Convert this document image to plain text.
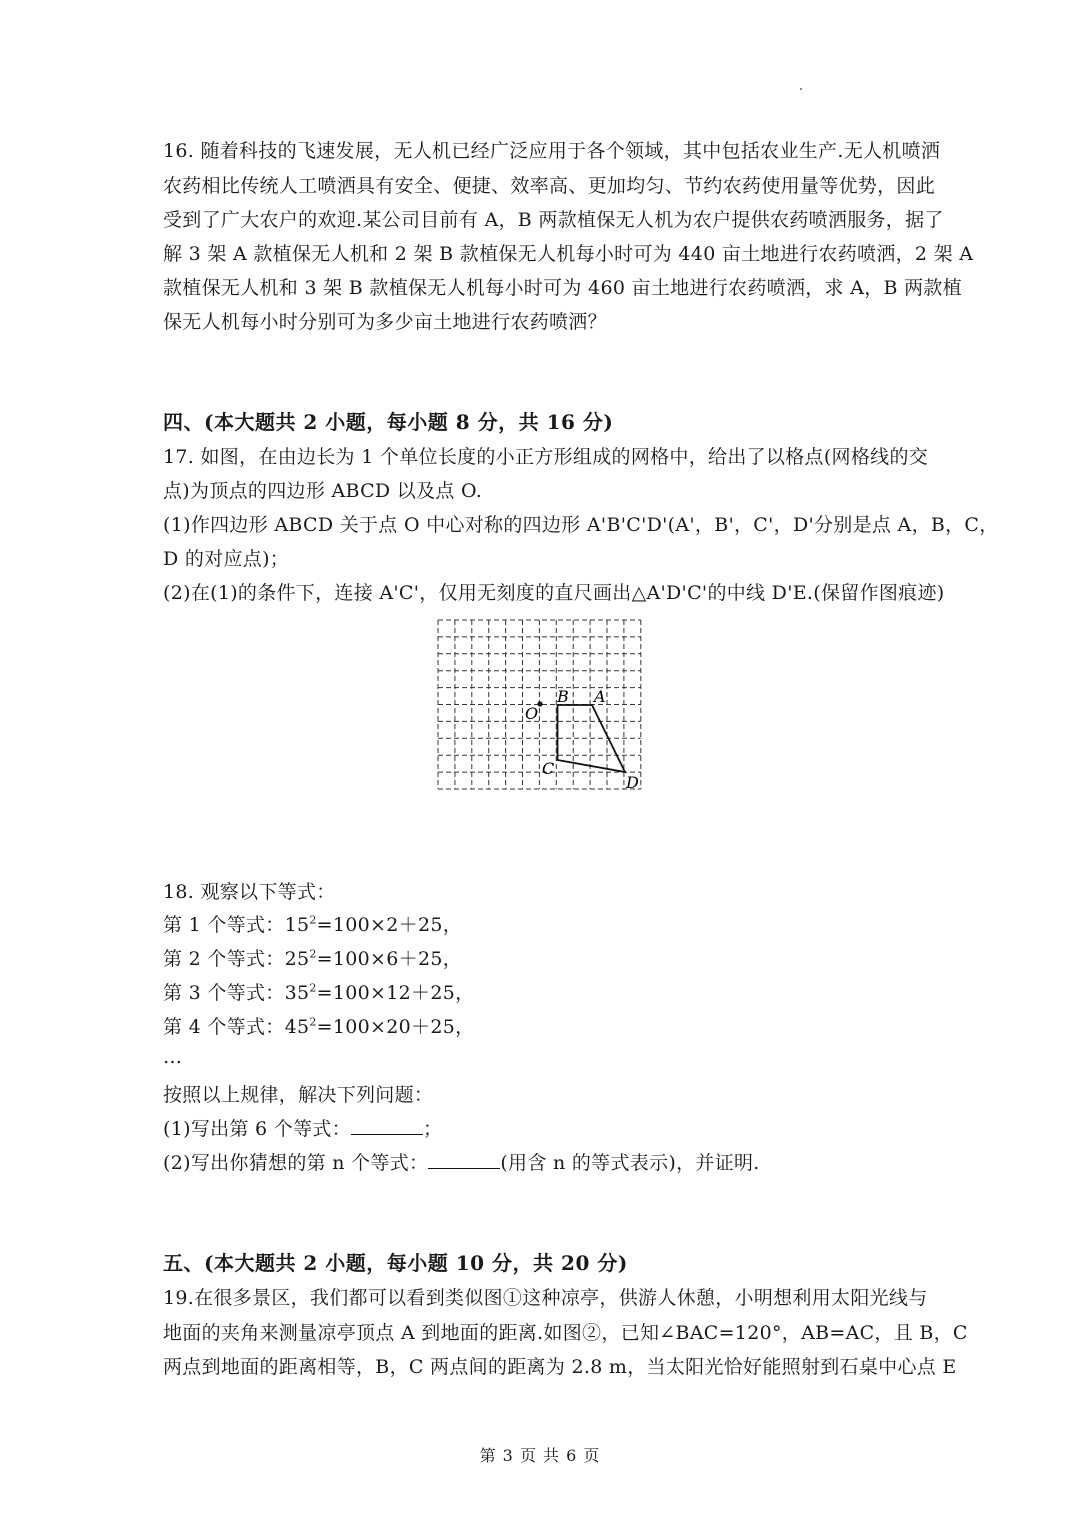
16. 随着科技的飞速发展，无人机已经广泛应用于各个领域，其中包括农业生产.无人机喷洒
农药相比传统人工喷洒具有安全、便捷、效率高、更加均匀、节约农药使用量等优势，因此
受到了广大农户的欢迎.某公司目前有 A，B 两款植保无人机为农户提供农药喷洒服务，据了
解 3 架 A 款植保无人机和 2 架 B 款植保无人机每小时可为 440 亩土地进行农药喷洒，2 架 A
款植保无人机和 3 架 B 款植保无人机每小时可为 460 亩土地进行农药喷洒，求 A，B 两款植
保无人机每小时分别可为多少亩土地进行农药喷洒？
四、(本大题共 2 小题，每小题 8 分，共 16 分)
17. 如图，在由边长为 1 个单位长度的小正方形组成的网格中，给出了以格点(网格线的交
点)为顶点的四边形 ABCD 以及点 O.
(1)作四边形 ABCD 关于点 O 中心对称的四边形 A'B'C'D'(A'，B'，C'，D'分别是点 A，B，C，
D 的对应点)；
(2)在(1)的条件下，连接 A'C'，仅用无刻度的直尺画出△A'D'C'的中线 D'E.(保留作图痕迹)
O
B A
C
D
18. 观察以下等式：
第 1 个等式：$15^2=100\times 2+25$，
第 2 个等式：$25^2=100\times 6+25$，
第 3 个等式：$35^2=100\times 12+25$，
第 4 个等式：$45^2=100\times 20+25$，
…
按照以上规律，解决下列问题：
(1)写出第 6 个等式：	；
(2)写出你猜想的第 n 个等式：	(用含 n 的等式表示)，并证明.
五、(本大题共 2 小题，每小题 10 分，共 20 分)
19.在很多景区，我们都可以看到类似图①这种凉亭，供游人休憩，小明想利用太阳光线与
地面的夹角来测量凉亭顶点 A 到地面的距离.如图②，已知∠BAC=120°，AB=AC，且 B，C
两点到地面的距离相等，B，C 两点间的距离为 2.8 m，当太阳光恰好能照射到石桌中心点 E
第 3 页 共 6 页
